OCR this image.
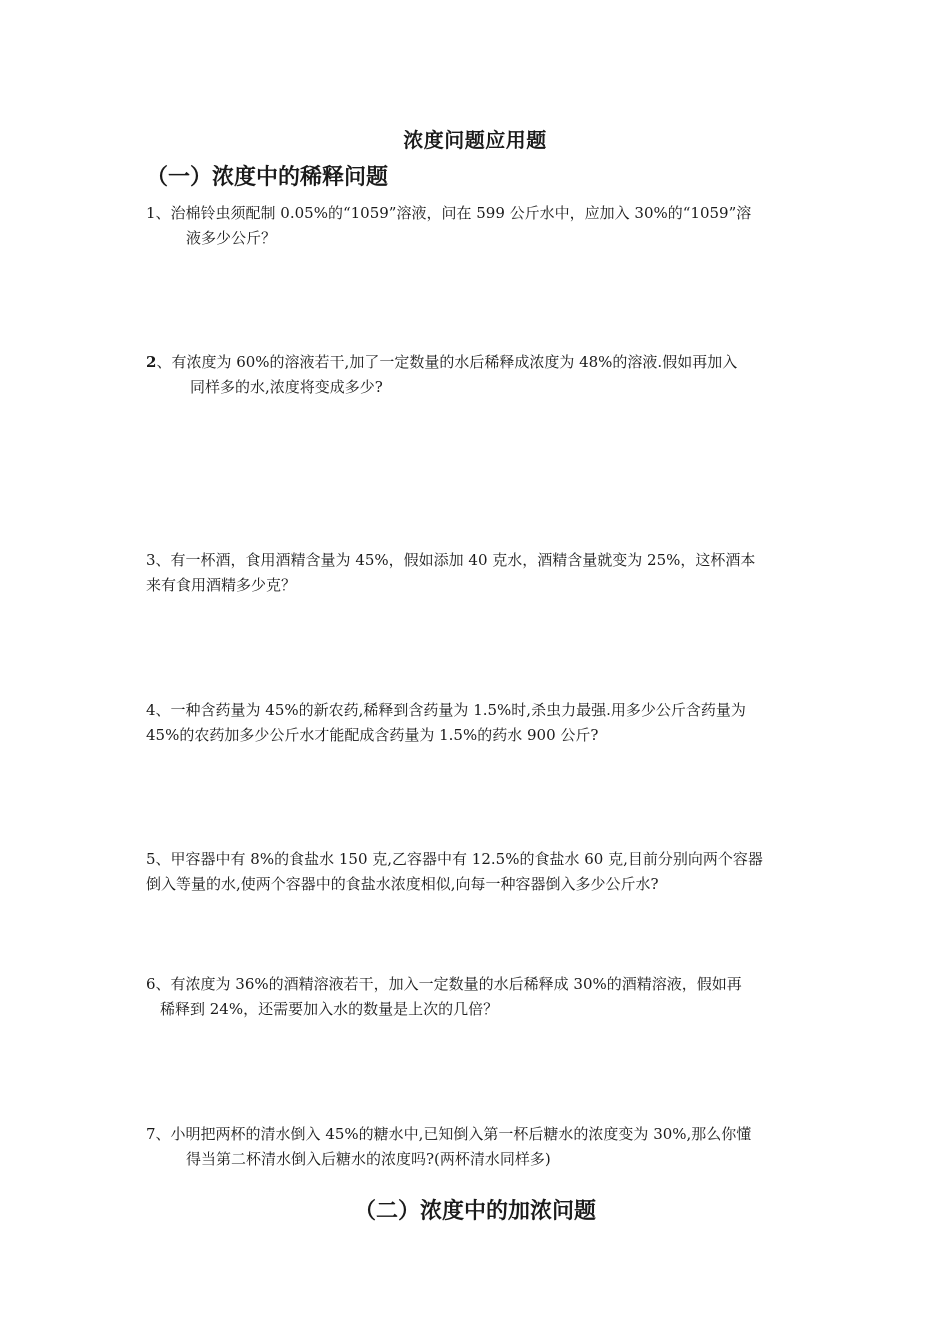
浓度问题应用题
（一）浓度中的稀释问题
1、治棉铃虫须配制 0.05%的“1059”溶液，问在 599 公斤水中，应加入 30%的“1059”溶
液多少公斤？
2、有浓度为 60%的溶液若干,加了一定数量的水后稀释成浓度为 48%的溶液.假如再加入
同样多的水,浓度将变成多少?
3、有一杯酒，食用酒精含量为 45%，假如添加 40 克水，酒精含量就变为 25%，这杯酒本
来有食用酒精多少克？
4、一种含药量为 45%的新农药,稀释到含药量为 1.5%时,杀虫力最强.用多少公斤含药量为
45%的农药加多少公斤水才能配成含药量为 1.5%的药水 900 公斤?
5、甲容器中有 8%的食盐水 150 克,乙容器中有 12.5%的食盐水 60 克,目前分别向两个容器
倒入等量的水,使两个容器中的食盐水浓度相似,向每一种容器倒入多少公斤水?
6、有浓度为 36%的酒精溶液若干，加入一定数量的水后稀释成 30%的酒精溶液，假如再
稀释到 24%，还需要加入水的数量是上次的几倍？
7、小明把两杯的清水倒入 45%的糖水中,已知倒入第一杯后糖水的浓度变为 30%,那么你懂
得当第二杯清水倒入后糖水的浓度吗?(两杯清水同样多)
（二）浓度中的加浓问题
